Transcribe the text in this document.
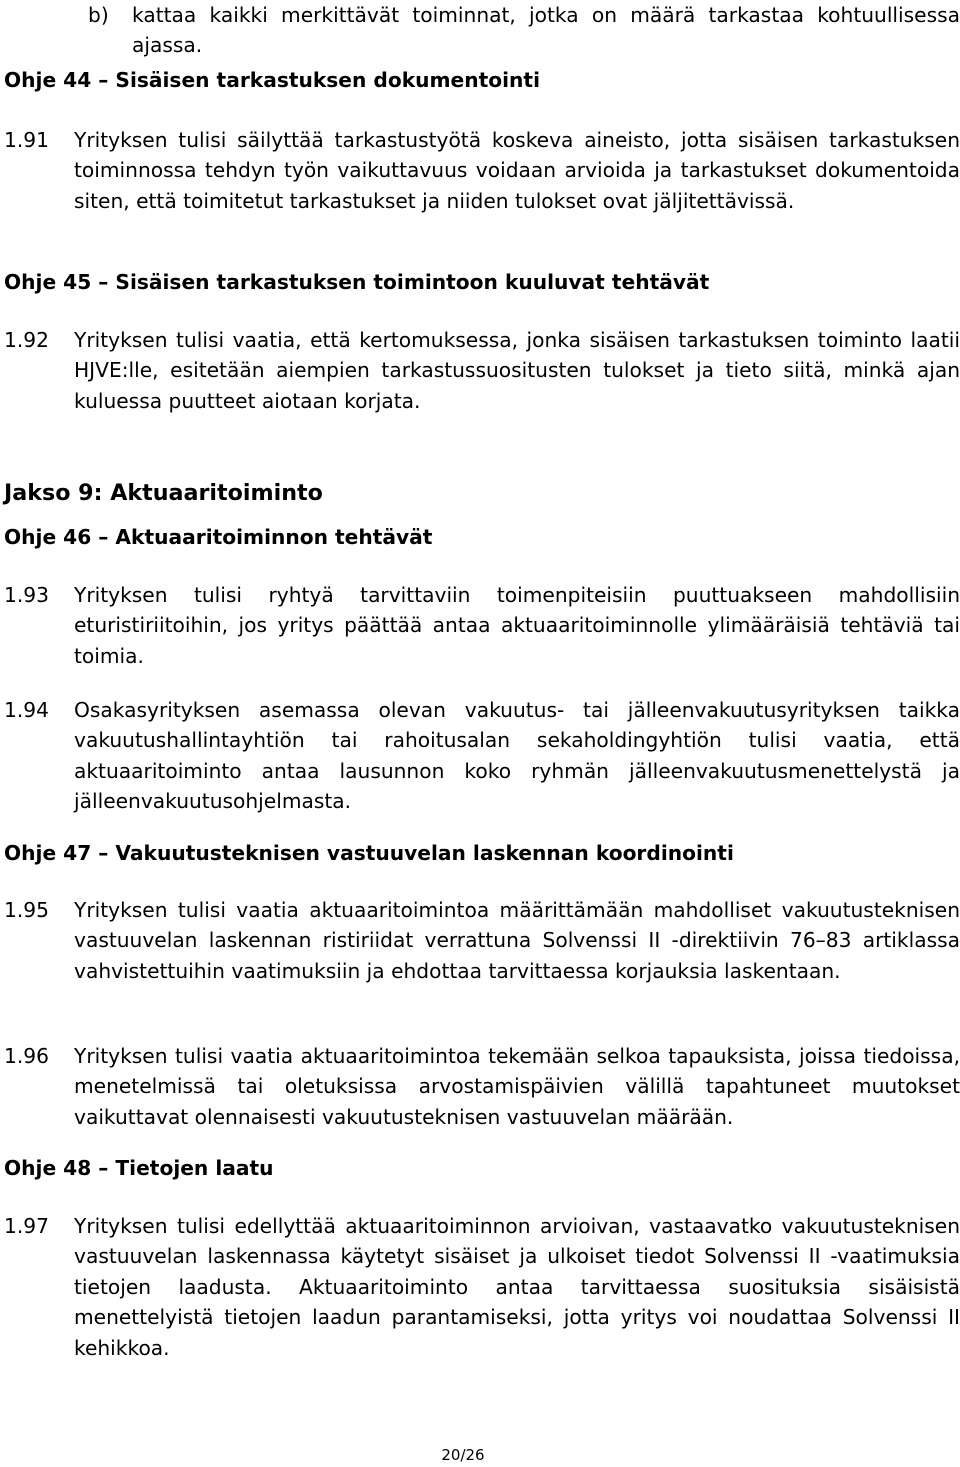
b) kattaa kaikki merkittävät toiminnat, jotka on määrä tarkastaa kohtuullisessa ajassa.
Ohje 44 – Sisäisen tarkastuksen dokumentointi
1.91 Yrityksen tulisi säilyttää tarkastustyötä koskeva aineisto, jotta sisäisen tarkastuksen toiminnossa tehdyn työn vaikuttavuus voidaan arvioida ja tarkastukset dokumentoida siten, että toimitetut tarkastukset ja niiden tulokset ovat jäljitettävissä.
Ohje 45 – Sisäisen tarkastuksen toimintoon kuuluvat tehtävät
1.92 Yrityksen tulisi vaatia, että kertomuksessa, jonka sisäisen tarkastuksen toiminto laatii HJVE:lle, esitetään aiempien tarkastussuositusten tulokset ja tieto siitä, minkä ajan kuluessa puutteet aiotaan korjata.
Jakso 9: Aktuaaritoiminto
Ohje 46 – Aktuaaritoiminnon tehtävät
1.93 Yrityksen tulisi ryhtyä tarvittaviin toimenpiteisiin puuttuakseen mahdollisiin eturistiriitoihin, jos yritys päättää antaa aktuaaritoiminnolle ylimääräisiä tehtäviä tai toimia.
1.94 Osakasyrityksen asemassa olevan vakuutus- tai jälleenvakuutusyrityksen taikka vakuutushallintayhtiön tai rahoitusalan sekaholdingyhtiön tulisi vaatia, että aktuaaritoiminto antaa lausunnon koko ryhmän jälleenvakuutusmenettelystä ja jälleenvakuutusohjelmasta.
Ohje 47 – Vakuutusteknisen vastuuvelan laskennan koordinointi
1.95 Yrityksen tulisi vaatia aktuaaritoimintoa määrittämään mahdolliset vakuutusteknisen vastuuvelan laskennan ristiriidat verrattuna Solvenssi II -direktiivin 76–83 artiklassa vahvistettuihin vaatimuksiin ja ehdottaa tarvittaessa korjauksia laskentaan.
1.96 Yrityksen tulisi vaatia aktuaaritoimintoa tekemään selkoa tapauksista, joissa tiedoissa, menetelmissä tai oletuksissa arvostamispäivien välillä tapahtuneet muutokset vaikuttavat olennaisesti vakuutusteknisen vastuuvelan määrään.
Ohje 48 – Tietojen laatu
1.97 Yrityksen tulisi edellyttää aktuaaritoiminnon arvioivan, vastaavatko vakuutusteknisen vastuuvelan laskennassa käytetyt sisäiset ja ulkoiset tiedot Solvenssi II -vaatimuksia tietojen laadusta. Aktuaaritoiminto antaa tarvittaessa suosituksia sisäisistä menettelyistä tietojen laadun parantamiseksi, jotta yritys voi noudattaa Solvenssi II kehikkoa.
20/26
